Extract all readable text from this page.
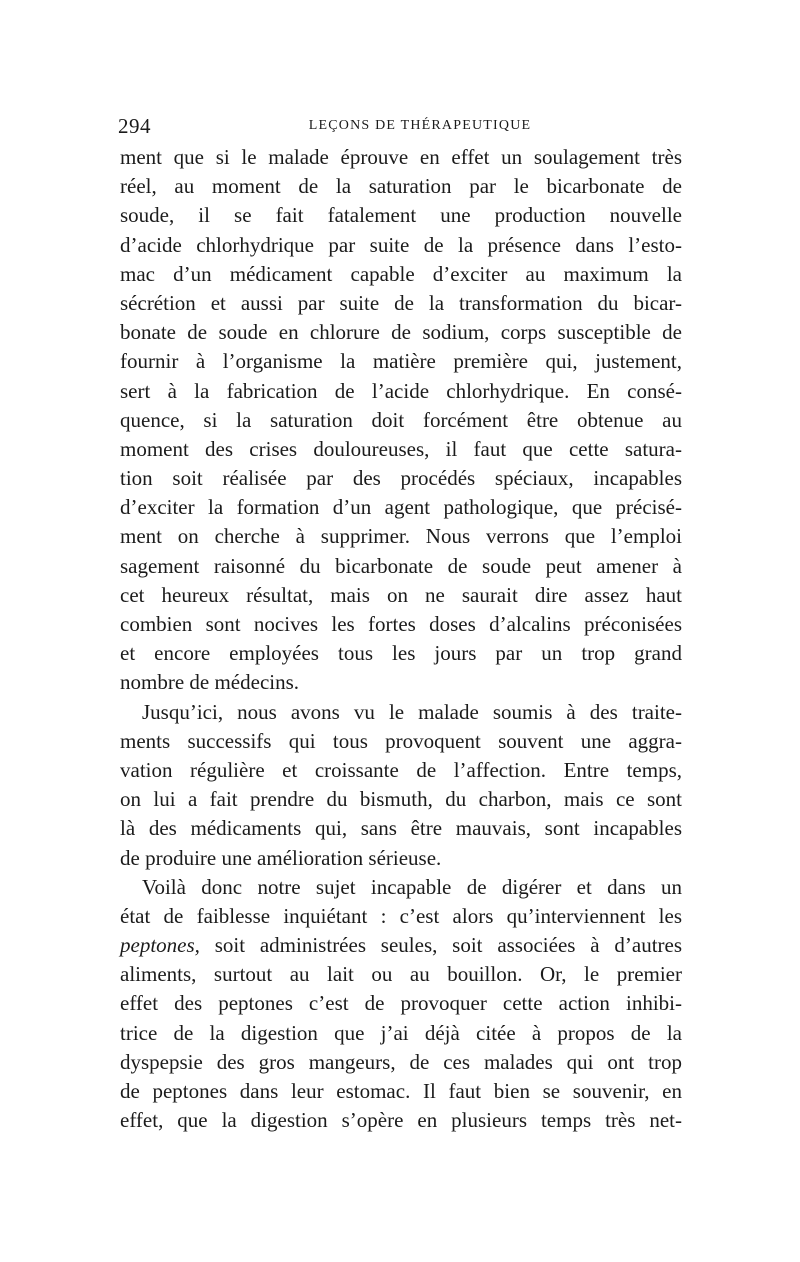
294	LEÇONS DE THÉRAPEUTIQUE
ment que si le malade éprouve en effet un soulagement très
réel, au moment de la saturation par le bicarbonate de
soude, il se fait fatalement une production nouvelle
d’acide chlorhydrique par suite de la présence dans l’esto-
mac d’un médicament capable d’exciter au maximum la
sécrétion et aussi par suite de la transformation du bicar-
bonate de soude en chlorure de sodium, corps susceptible de
fournir à l’organisme la matière première qui, justement,
sert à la fabrication de l’acide chlorhydrique. En consé-
quence, si la saturation doit forcément être obtenue au
moment des crises douloureuses, il faut que cette satura-
tion soit réalisée par des procédés spéciaux, incapables
d’exciter la formation d’un agent pathologique, que précisé-
ment on cherche à supprimer. Nous verrons que l’emploi
sagement raisonné du bicarbonate de soude peut amener à
cet heureux résultat, mais on ne saurait dire assez haut
combien sont nocives les fortes doses d’alcalins préconisées
et encore employées tous les jours par un trop grand
nombre de médecins.
Jusqu’ici, nous avons vu le malade soumis à des traite-
ments successifs qui tous provoquent souvent une aggra-
vation régulière et croissante de l’affection. Entre temps,
on lui a fait prendre du bismuth, du charbon, mais ce sont
là des médicaments qui, sans être mauvais, sont incapables
de produire une amélioration sérieuse.
Voilà donc notre sujet incapable de digérer et dans un
état de faiblesse inquiétant : c’est alors qu’interviennent les
peptones, soit administrées seules, soit associées à d’autres
aliments, surtout au lait ou au bouillon. Or, le premier
effet des peptones c’est de provoquer cette action inhibi-
trice de la digestion que j’ai déjà citée à propos de la
dyspepsie des gros mangeurs, de ces malades qui ont trop
de peptones dans leur estomac. Il faut bien se souvenir, en
effet, que la digestion s’opère en plusieurs temps très net-
